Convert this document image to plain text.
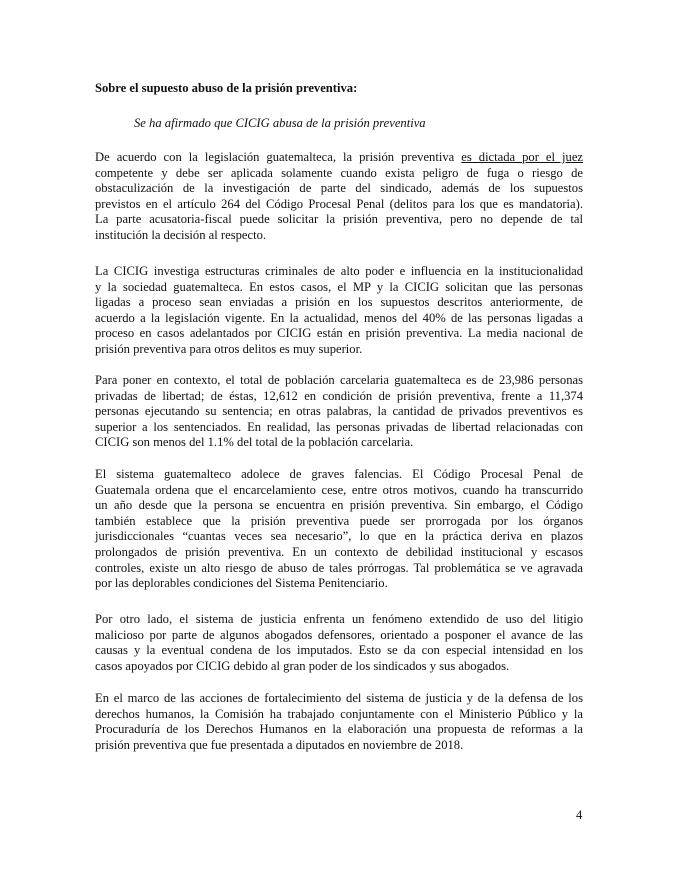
Sobre el supuesto abuso de la prisión preventiva:
Se ha afirmado que CICIG abusa de la prisión preventiva
De acuerdo con la legislación guatemalteca, la prisión preventiva es dictada por el juez
competente y debe ser aplicada solamente cuando exista peligro de fuga o riesgo de
obstaculización de la investigación de parte del sindicado, además de los supuestos
previstos en el artículo 264 del Código Procesal Penal (delitos para los que es mandatoria).
La parte acusatoria-fiscal puede solicitar la prisión preventiva, pero no depende de tal
institución la decisión al respecto.
La CICIG investiga estructuras criminales de alto poder e influencia en la institucionalidad
y la sociedad guatemalteca. En estos casos, el MP y la CICIG solicitan que las personas
ligadas a proceso sean enviadas a prisión en los supuestos descritos anteriormente, de
acuerdo a la legislación vigente. En la actualidad, menos del 40% de las personas ligadas a
proceso en casos adelantados por CICIG están en prisión preventiva. La media nacional de
prisión preventiva para otros delitos es muy superior.
Para poner en contexto, el total de población carcelaria guatemalteca es de 23,986 personas
privadas de libertad; de éstas, 12,612 en condición de prisión preventiva, frente a 11,374
personas ejecutando su sentencia; en otras palabras, la cantidad de privados preventivos es
superior a los sentenciados. En realidad, las personas privadas de libertad relacionadas con
CICIG son menos del 1.1% del total de la población carcelaria.
El sistema guatemalteco adolece de graves falencias. El Código Procesal Penal de
Guatemala ordena que el encarcelamiento cese, entre otros motivos, cuando ha transcurrido
un año desde que la persona se encuentra en prisión preventiva. Sin embargo, el Código
también establece que la prisión preventiva puede ser prorrogada por los órganos
jurisdiccionales “cuantas veces sea necesario”, lo que en la práctica deriva en plazos
prolongados de prisión preventiva. En un contexto de debilidad institucional y escasos
controles, existe un alto riesgo de abuso de tales prórrogas. Tal problemática se ve agravada
por las deplorables condiciones del Sistema Penitenciario.
Por otro lado, el sistema de justicia enfrenta un fenómeno extendido de uso del litigio
malicioso por parte de algunos abogados defensores, orientado a posponer el avance de las
causas y la eventual condena de los imputados. Esto se da con especial intensidad en los
casos apoyados por CICIG debido al gran poder de los sindicados y sus abogados.
En el marco de las acciones de fortalecimiento del sistema de justicia y de la defensa de los
derechos humanos, la Comisión ha trabajado conjuntamente con el Ministerio Público y la
Procuraduría de los Derechos Humanos en la elaboración una propuesta de reformas a la
prisión preventiva que fue presentada a diputados en noviembre de 2018.
4
